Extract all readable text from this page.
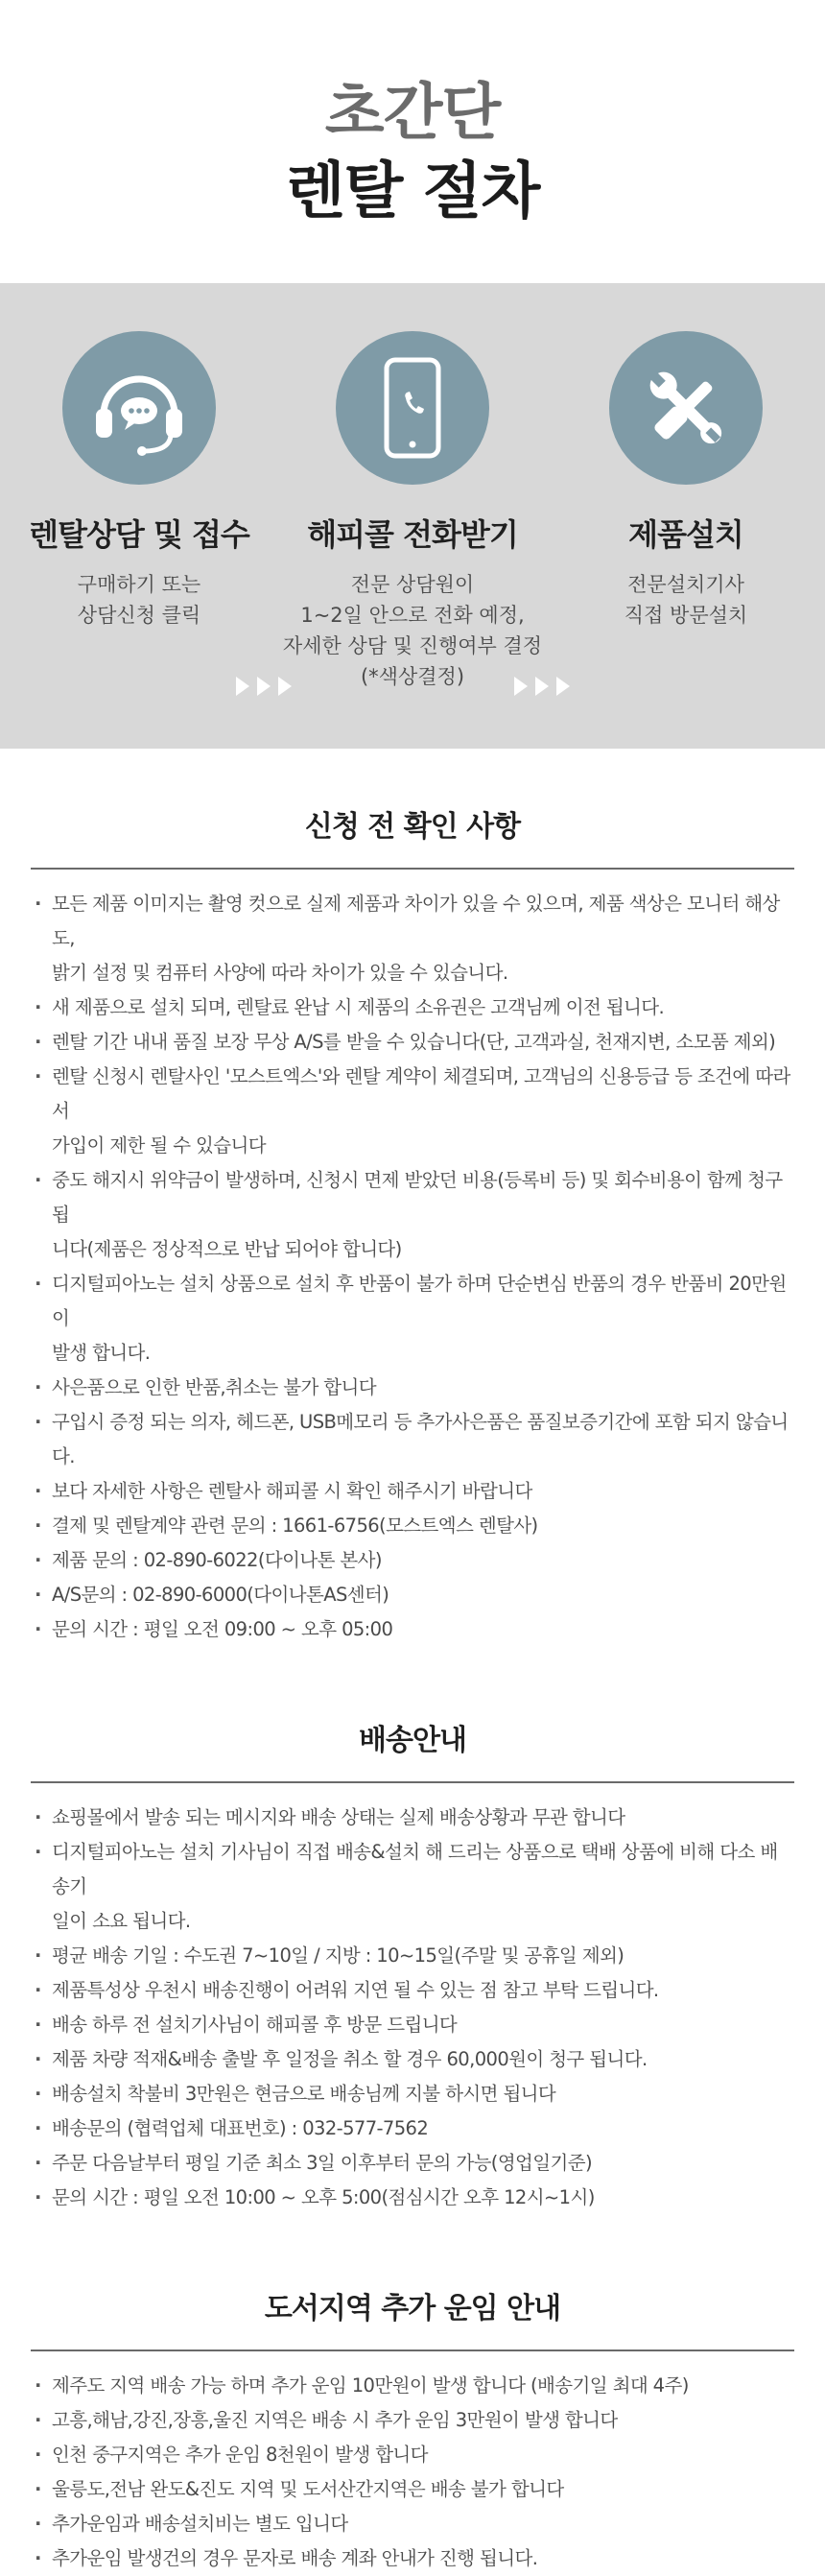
초간단
렌탈 절차
렌탈상담 및 접수
구매하기 또는
상담신청 클릭
해피콜 전화받기
전문 상담원이
1~2일 안으로 전화 예정,
자세한 상담 및 진행여부 결정
(*색상결정)
제품설치
전문설치기사
직접 방문설치
신청 전 확인 사항
· 모든 제품 이미지는 촬영 컷으로 실제 제품과 차이가 있을 수 있으며, 제품 색상은 모니터 해상도,
밝기 설정 및 컴퓨터 사양에 따라 차이가 있을 수 있습니다.
· 새 제품으로 설치 되며, 렌탈료 완납 시 제품의 소유권은 고객님께 이전 됩니다.
· 렌탈 기간 내내 품질 보장 무상 A/S를 받을 수 있습니다(단, 고객과실, 천재지변, 소모품 제외)
· 렌탈 신청시 렌탈사인 '모스트엑스'와 렌탈 계약이 체결되며, 고객님의 신용등급 등 조건에 따라서
가입이 제한 될 수 있습니다
· 중도 해지시 위약금이 발생하며, 신청시 면제 받았던 비용(등록비 등) 및 회수비용이 함께 청구됩
니다(제품은 정상적으로 반납 되어야 합니다)
· 디지털피아노는 설치 상품으로 설치 후 반품이 불가 하며 단순변심 반품의 경우 반품비 20만원이
발생 합니다.
· 사은품으로 인한 반품,취소는 불가 합니다
· 구입시 증정 되는 의자, 헤드폰, USB메모리 등 추가사은품은 품질보증기간에 포함 되지 않습니다.
· 보다 자세한 사항은 렌탈사 해피콜 시 확인 해주시기 바랍니다
· 결제 및 렌탈계약 관련 문의 : 1661-6756(모스트엑스 렌탈사)
· 제품 문의 : 02-890-6022(다이나톤 본사)
· A/S문의 : 02-890-6000(다이나톤AS센터)
· 문의 시간 : 평일 오전 09:00 ~ 오후 05:00
배송안내
· 쇼핑몰에서 발송 되는 메시지와 배송 상태는 실제 배송상황과 무관 합니다
· 디지털피아노는 설치 기사님이 직접 배송&설치 해 드리는 상품으로 택배 상품에 비해 다소 배송기
일이 소요 됩니다.
· 평균 배송 기일 : 수도권 7~10일 / 지방 : 10~15일(주말 및 공휴일 제외)
· 제품특성상 우천시 배송진행이 어려워 지연 될 수 있는 점 참고 부탁 드립니다.
· 배송 하루 전 설치기사님이 해피콜 후 방문 드립니다
· 제품 차량 적재&배송 출발 후 일정을 취소 할 경우 60,000원이 청구 됩니다.
· 배송설치 착불비 3만원은 현금으로 배송님께 지불 하시면 됩니다
· 배송문의 (협력업체 대표번호) : 032-577-7562
· 주문 다음날부터 평일 기준 최소 3일 이후부터 문의 가능(영업일기준)
· 문의 시간 : 평일 오전 10:00 ~ 오후 5:00(점심시간 오후 12시~1시)
도서지역 추가 운임 안내
· 제주도 지역 배송 가능 하며 추가 운임 10만원이 발생 합니다 (배송기일 최대 4주)
· 고흥,해남,강진,장흥,울진 지역은 배송 시 추가 운임 3만원이 발생 합니다
· 인천 중구지역은 추가 운임 8천원이 발생 합니다
· 울릉도,전남 완도&진도 지역 및 도서산간지역은 배송 불가 합니다
· 추가운임과 배송설치비는 별도 입니다
· 추가운임 발생건의 경우 문자로 배송 계좌 안내가 진행 됩니다.
